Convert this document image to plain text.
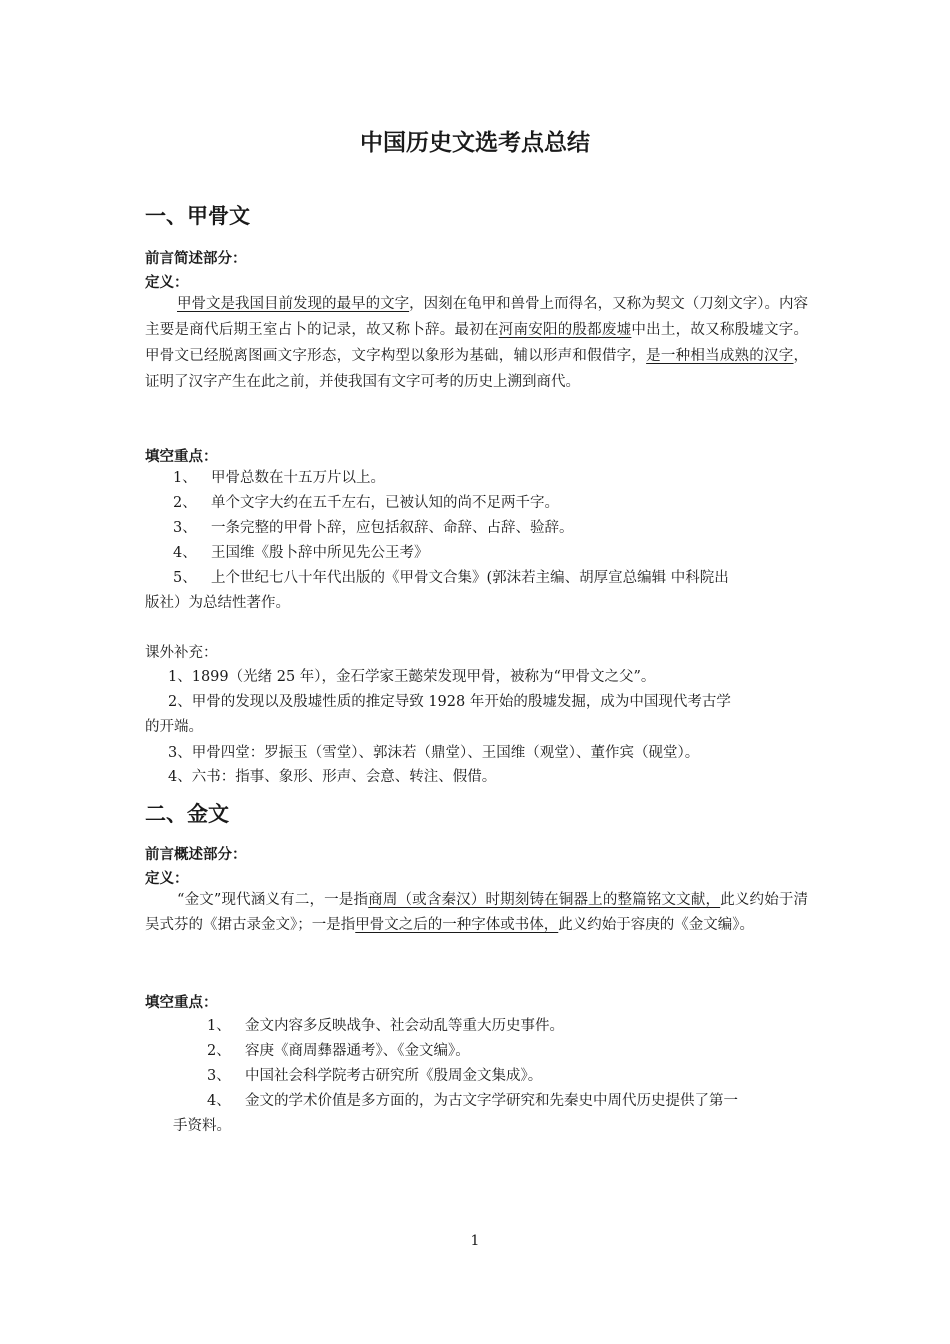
中国历史文选考点总结
一、甲骨文
前言简述部分：
定义：
甲骨文是我国目前发现的最早的文字，因刻在龟甲和兽骨上而得名，又称为契文（刀刻文字）。内容主要是商代后期王室占卜的记录，故又称卜辞。最初在河南安阳的殷都废墟中出土，故又称殷墟文字。甲骨文已经脱离图画文字形态，文字构型以象形为基础，辅以形声和假借字，是一种相当成熟的汉字，证明了汉字产生在此之前，并使我国有文字可考的历史上溯到商代。
填空重点：
1、 甲骨总数在十五万片以上。
2、 单个文字大约在五千左右，已被认知的尚不足两千字。
3、 一条完整的甲骨卜辞，应包括叙辞、命辞、占辞、验辞。
4、 王国维《殷卜辞中所见先公王考》
5、 上个世纪七八十年代出版的《甲骨文合集》(郭沫若主编、胡厚宣总编辑 中科院出
版社）为总结性著作。
课外补充：
1、1899（光绪 25 年），金石学家王懿荣发现甲骨，被称为“甲骨文之父”。
2、甲骨的发现以及殷墟性质的推定导致 1928 年开始的殷墟发掘，成为中国现代考古学
的开端。
3、甲骨四堂：罗振玉（雪堂）、郭沫若（鼎堂）、王国维（观堂）、董作宾（砚堂）。
4、六书：指事、象形、形声、会意、转注、假借。
二、金文
前言概述部分：
定义：
“金文”现代涵义有二，一是指商周（或含秦汉）时期刻铸在铜器上的整篇铭文文献，此义约始于清吴式芬的《捃古录金文》；一是指甲骨文之后的一种字体或书体，此义约始于容庚的《金文编》。
填空重点：
1、 金文内容多反映战争、社会动乱等重大历史事件。
2、 容庚《商周彝器通考》、《金文编》。
3、 中国社会科学院考古研究所《殷周金文集成》。
4、 金文的学术价值是多方面的，为古文字学研究和先秦史中周代历史提供了第一
手资料。
1
